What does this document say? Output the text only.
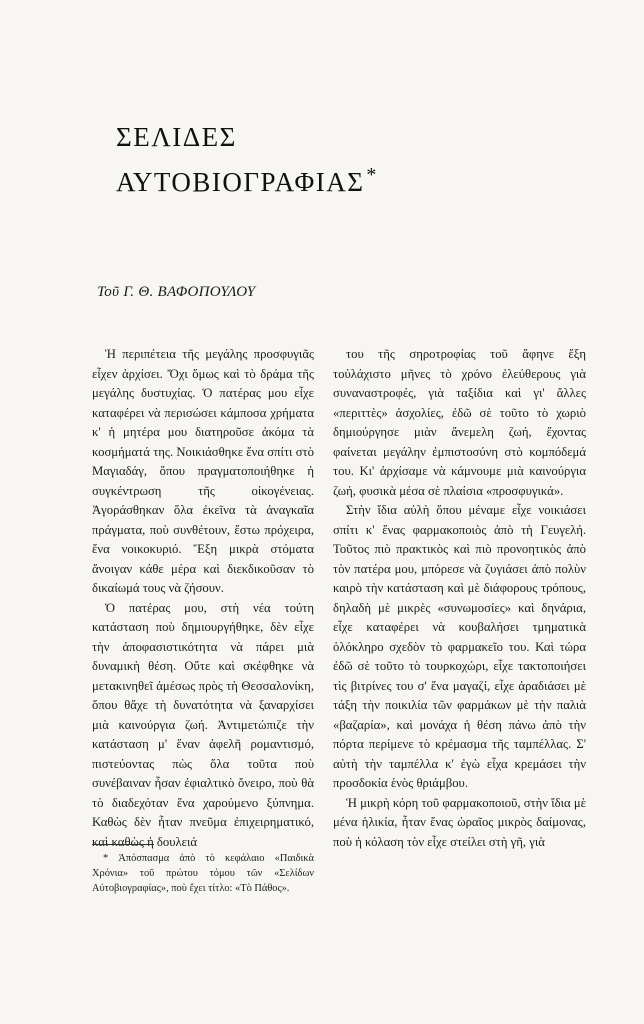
ΣΕΛΙΔΕΣ
ΑΥΤΟΒΙΟΓΡΑΦΙΑΣ *
Τοῦ Γ. Θ. ΒΑΦΟΠΟΥΛΟΥ

Ἡ περιπέτεια τῆς μεγάλης προσφυγιᾶς εἶχεν ἀρχίσει. Ὄχι ὅμως καὶ τὸ δράμα τῆς μεγάλης δυστυχίας. Ὁ πατέρας μου εἶχε καταφέρει νὰ περισώσει κάμποσα χρήματα κ' ἡ μητέρα μου διατηροῦσε ἀκόμα τὰ κοσμήματά της. Νοικιάσθηκε ἕνα σπίτι στὸ Μαγιαδάγ, ὅπου πραγματοποιήθηκε ἡ συγκέντρωση τῆς οἰκογένειας. Ἀγοράσθηκαν ὅλα ἐκεῖνα τὰ ἀναγκαῖα πράγματα, ποὺ συνθέτουν, ἔστω πρόχειρα, ἕνα νοικοκυριό. Ἔξη μικρὰ στόματα ἄνοιγαν κάθε μέρα καὶ διεκδικοῦσαν τὸ δικαίωμά τους νὰ ζήσουν.

Ὁ πατέρας μου, στὴ νέα τούτη κατάσταση ποὺ δημιουργήθηκε, δὲν εἶχε τὴν ἀποφασιστικότητα νὰ πάρει μιὰ δυναμικὴ θέση. Οὔτε καὶ σκέφθηκε νὰ μετακινηθεῖ ἀμέσως πρὸς τὴ Θεσσαλονίκη, ὅπου θἄχε τὴ δυνατότητα νὰ ξαναρχίσει μιὰ καινούργια ζωή. Ἀντιμετώπιζε τὴν κατάσταση μ' ἕναν ἀφελῆ ρομαντισμό, πιστεύοντας πὼς ὅλα τοῦτα ποὺ συνέβαιναν ἦσαν ἐφιαλτικὸ ὄνειρο, ποὺ θὰ τὸ διαδεχόταν ἕνα χαρούμενο ξύπνημα. Καθὼς δὲν ἦταν πνεῦμα ἐπιχειρηματικό, καὶ καθὼς ἡ δουλειά

του τῆς σηροτροφίας τοῦ ἄφηνε ἔξη τοὐλάχιστο μῆνες τὸ χρόνο ἐλεύθερους γιὰ συναναστροφές, γιὰ ταξίδια καὶ γι' ἄλλες «περιττὲς» ἀσχολίες, ἐδῶ σὲ τοῦτο τὸ χωριὸ δημιούργησε μιὰν ἄνεμελη ζωή, ἔχοντας φαίνεται μεγάλην ἐμπιστοσύνη στὸ κομπόδεμά του. Κι' ἀρχίσαμε νὰ κάμνουμε μιὰ καινούργια ζωή, φυσικὰ μέσα σὲ πλαίσια «προσφυγικά».

Στὴν ἴδια αὐλὴ ὅπου μέναμε εἶχε νοικιάσει σπίτι κ' ἕνας φαρμακοποιὸς ἀπὸ τὴ Γευγελή. Τοῦτος πιὸ πρακτικὸς καὶ πιὸ προνοητικὸς ἀπὸ τὸν πατέρα μου, μπόρεσε νὰ ζυγιάσει ἀπὸ πολὺν καιρὸ τὴν κατάσταση καὶ μὲ διάφορους τρόπους, δηλαδὴ μὲ μικρὲς «συνωμοσίες» καὶ δηνάρια, εἶχε καταφέρει νὰ κουβαλήσει τμηματικὰ ὁλόκληρο σχεδὸν τὸ φαρμακεῖο του. Καὶ τώρα ἐδῶ σὲ τοῦτο τὸ τουρκοχώρι, εἶχε τακτοποιήσει τὶς βιτρίνες του σ' ἕνα μαγαζί, εἶχε ἀραδιάσει μὲ τάξη τὴν ποικιλία τῶν φαρμάκων μὲ τὴν παλιὰ «βαζαρία», καὶ μονάχα ἡ θέση πάνω ἀπὸ τὴν πόρτα περίμενε τὸ κρέμασμα τῆς ταμπέλλας. Σ' αὐτὴ τὴν ταμπέλλα κ' ἐγὼ εἶχα κρεμάσει τὴν προσδοκία ἑνὸς θριάμβου.

Ἡ μικρὴ κόρη τοῦ φαρμακοποιοῦ, στὴν ἴδια μὲ μένα ἡλικία, ἦταν ἕνας ὡραῖος μικρὸς δαίμονας, ποὺ ἡ κόλαση τὸν εἶχε στείλει στὴ γῆ, γιὰ

* Ἀπόσπασμα ἀπὸ τὸ κεφάλαιο «Παιδικὰ Χρόνια» τοῦ πρώτου τόμου τῶν «Σελίδων Αὐτοβιογραφίας», ποὺ ἔχει τίτλο: «Τὸ Πάθος».
